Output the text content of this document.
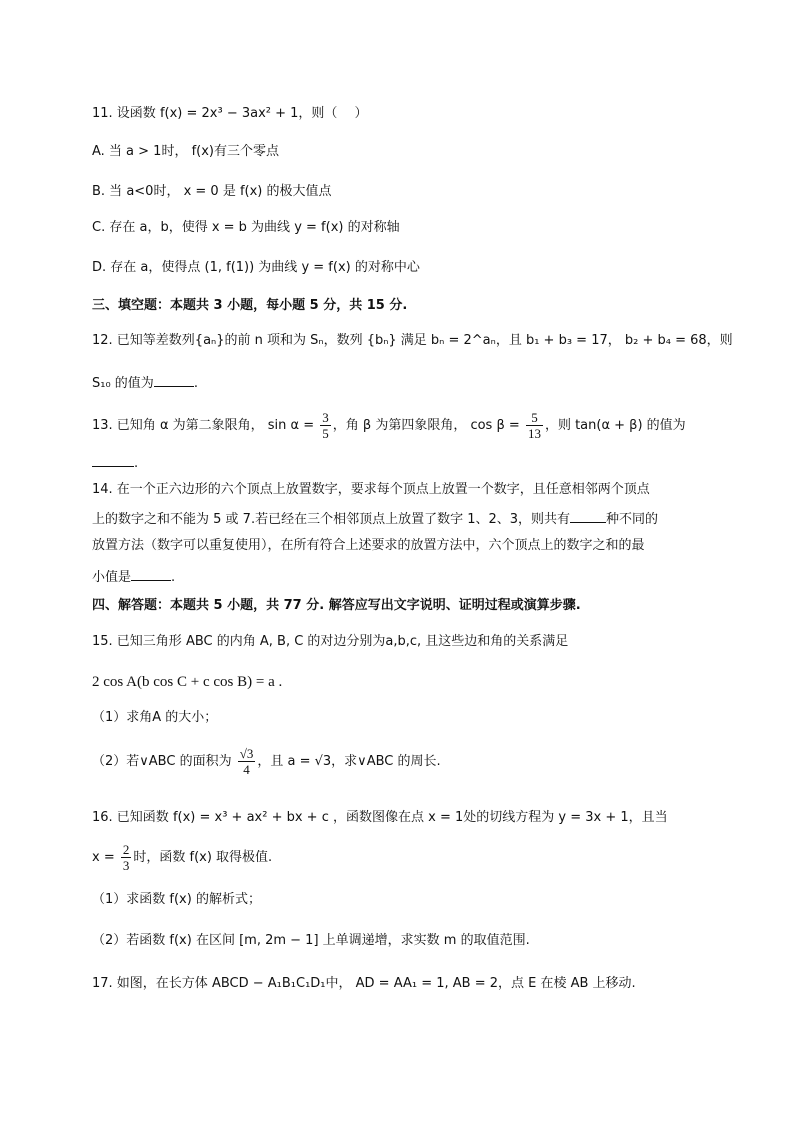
11. 设函数 f(x) = 2x³ − 3ax² + 1，则（　 ）
A. 当 a > 1时， f(x)有三个零点
B. 当 a<0时， x = 0 是 f(x) 的极大值点
C. 存在 a，b，使得 x = b 为曲线 y = f(x) 的对称轴
D. 存在 a，使得点 (1, f(1)) 为曲线 y = f(x) 的对称中心
三、填空题：本题共 3 小题，每小题 5 分，共 15 分.
12. 已知等差数列{aₙ}的前 n 项和为 Sₙ，数列 {bₙ} 满足 bₙ = 2^aₙ，且 b₁ + b₃ = 17， b₂ + b₄ = 68，则
S₁₀ 的值为	.
13. 已知角 α 为第二象限角， $\sin \alpha = \frac{3}{5}$ ，角 β 为第四象限角， $\cos \beta = \frac{5}{13}$ ，则 tan(α + β) 的值为
.
14. 在一个正六边形的六个顶点上放置数字，要求每个顶点上放置一个数字，且任意相邻两个顶点
上的数字之和不能为 5 或 7.若已经在三个相邻顶点上放置了数字 1、2、3，则共有	种不同的
放置方法（数字可以重复使用），在所有符合上述要求的放置方法中，六个顶点上的数字之和的最
小值是	.
四、解答题：本题共 5 小题，共 77 分. 解答应写出文字说明、证明过程或演算步骤.
15. 已知三角形 ABC 的内角 A, B, C 的对边分别为a,b,c, 且这些边和角的关系满足
2 cos A(b cos C + c cos B) = a .
（1）求角A 的大小；
（2）若∨ABC 的面积为 $\frac{√3}{4}$ ，且 a = √3，求∨ABC 的周长.
16. 已知函数 f(x) = x³ + ax² + bx + c ，函数图像在点 x = 1处的切线方程为 y = 3x + 1，且当
$x = \frac{2}{3}$ 时，函数 f(x) 取得极值.
（1）求函数 f(x) 的解析式；
（2）若函数 f(x) 在区间 [m, 2m − 1] 上单调递增，求实数 m 的取值范围.
17. 如图，在长方体 ABCD − A₁B₁C₁D₁中， AD = AA₁ = 1, AB = 2，点 E 在棱 AB 上移动.
